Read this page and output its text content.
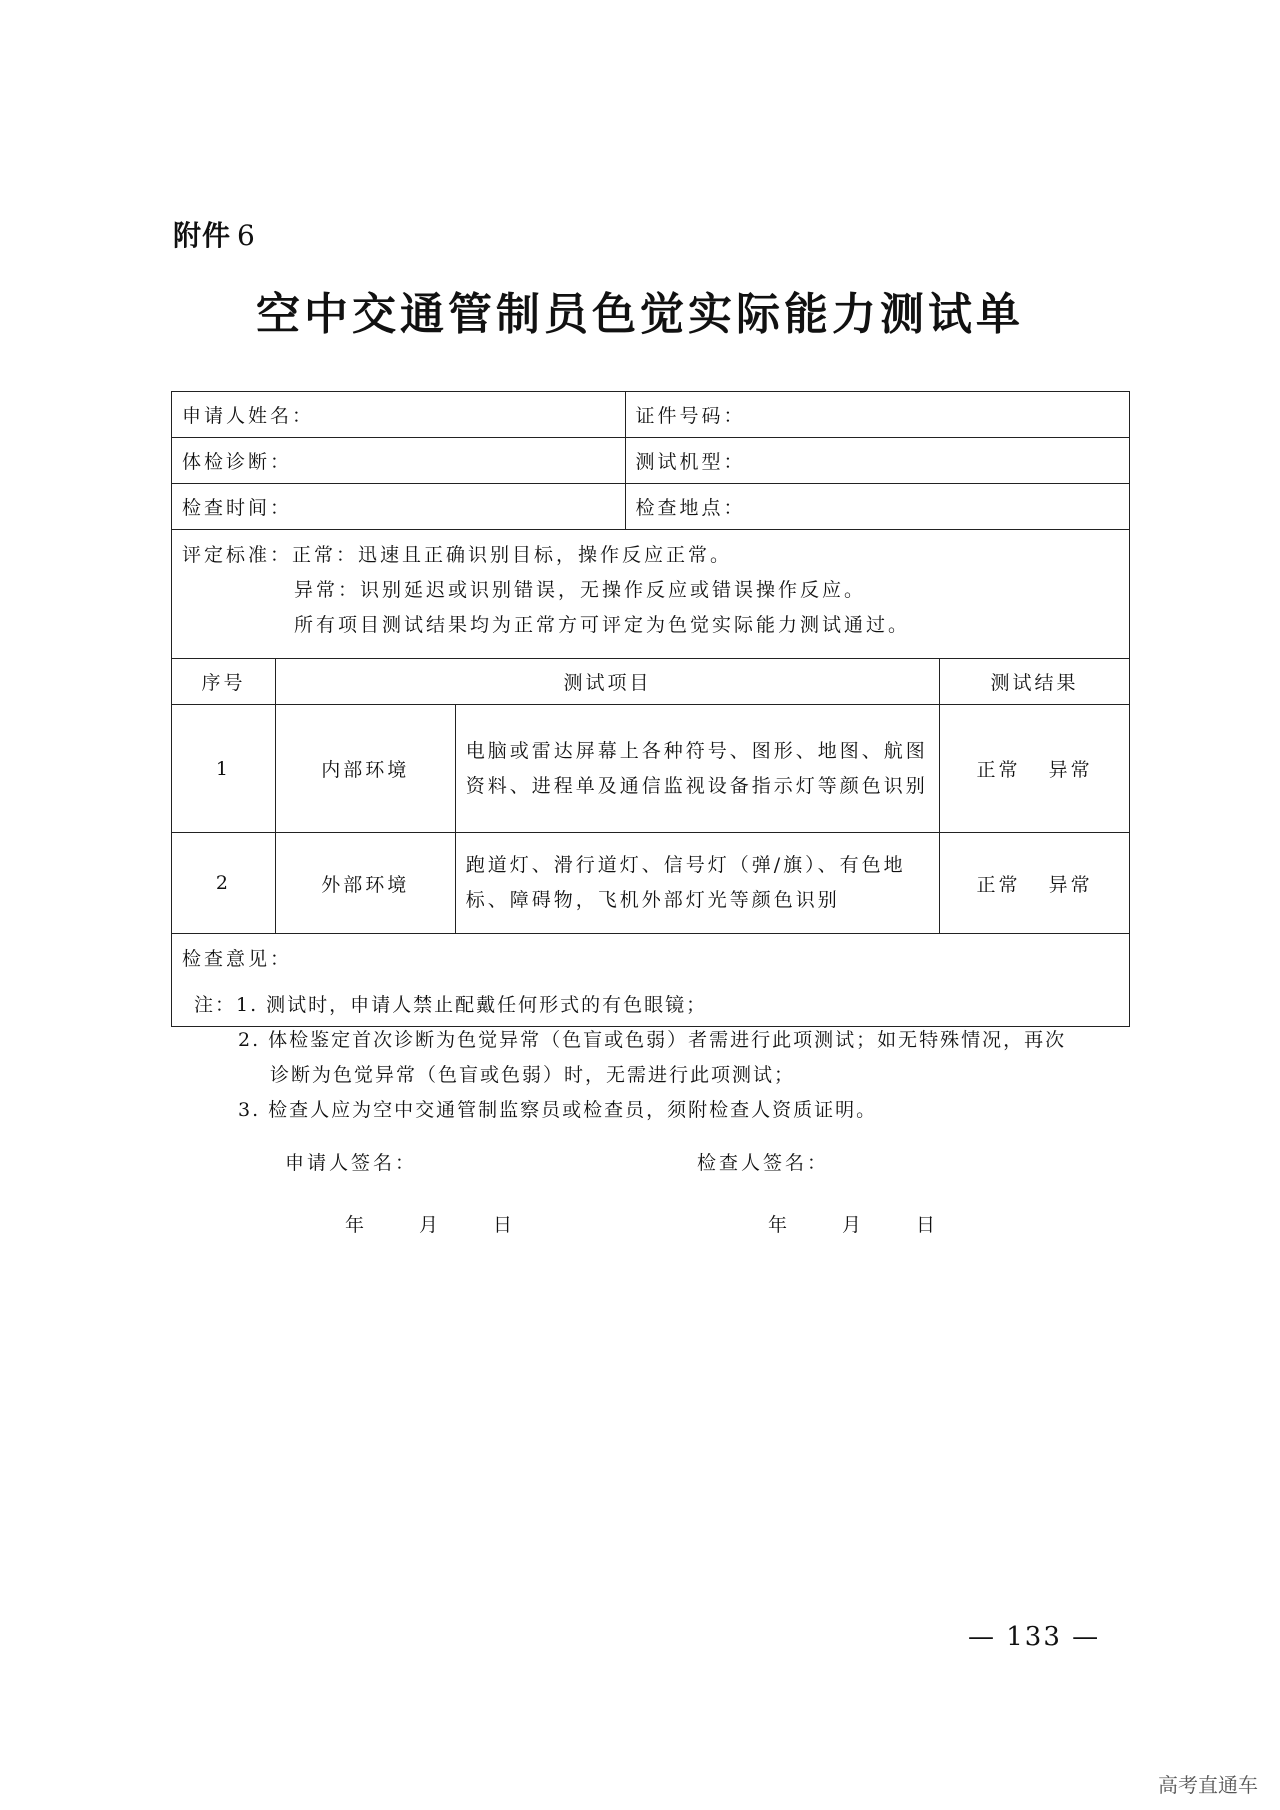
附件 6
空中交通管制员色觉实际能力测试单
申请人姓名：			证件号码：	
体检诊断：			测试机型：	
检查时间：			检查地点：	

评定标准：正常：迅速且正确识别目标，操作反应正常。
异常：识别延迟或识别错误，无操作反应或错误操作反应。
所有项目测试结果均为正常方可评定为色觉实际能力测试通过。				

序号	测试项目			测试结果
1	内部环境	电脑或雷达屏幕上各种符号、图形、地图、航图资料、进程单及通信监视设备指示灯等颜色识别		正常 异常
2	外部环境	跑道灯、滑行道灯、信号灯（弹/旗）、有色地标、障碍物，飞机外部灯光等颜色识别		正常 异常
检查意见：				
注：1. 测试时，申请人禁止配戴任何形式的有色眼镜；
2. 体检鉴定首次诊断为色觉异常（色盲或色弱）者需进行此项测试；如无特殊情况，再次
诊断为色觉异常（色盲或色弱）时，无需进行此项测试；
3. 检查人应为空中交通管制监察员或检查员，须附检查人资质证明。
申请人签名：	检查人签名：
年	月	日	年	月	日
— 133 —
高考直通车
